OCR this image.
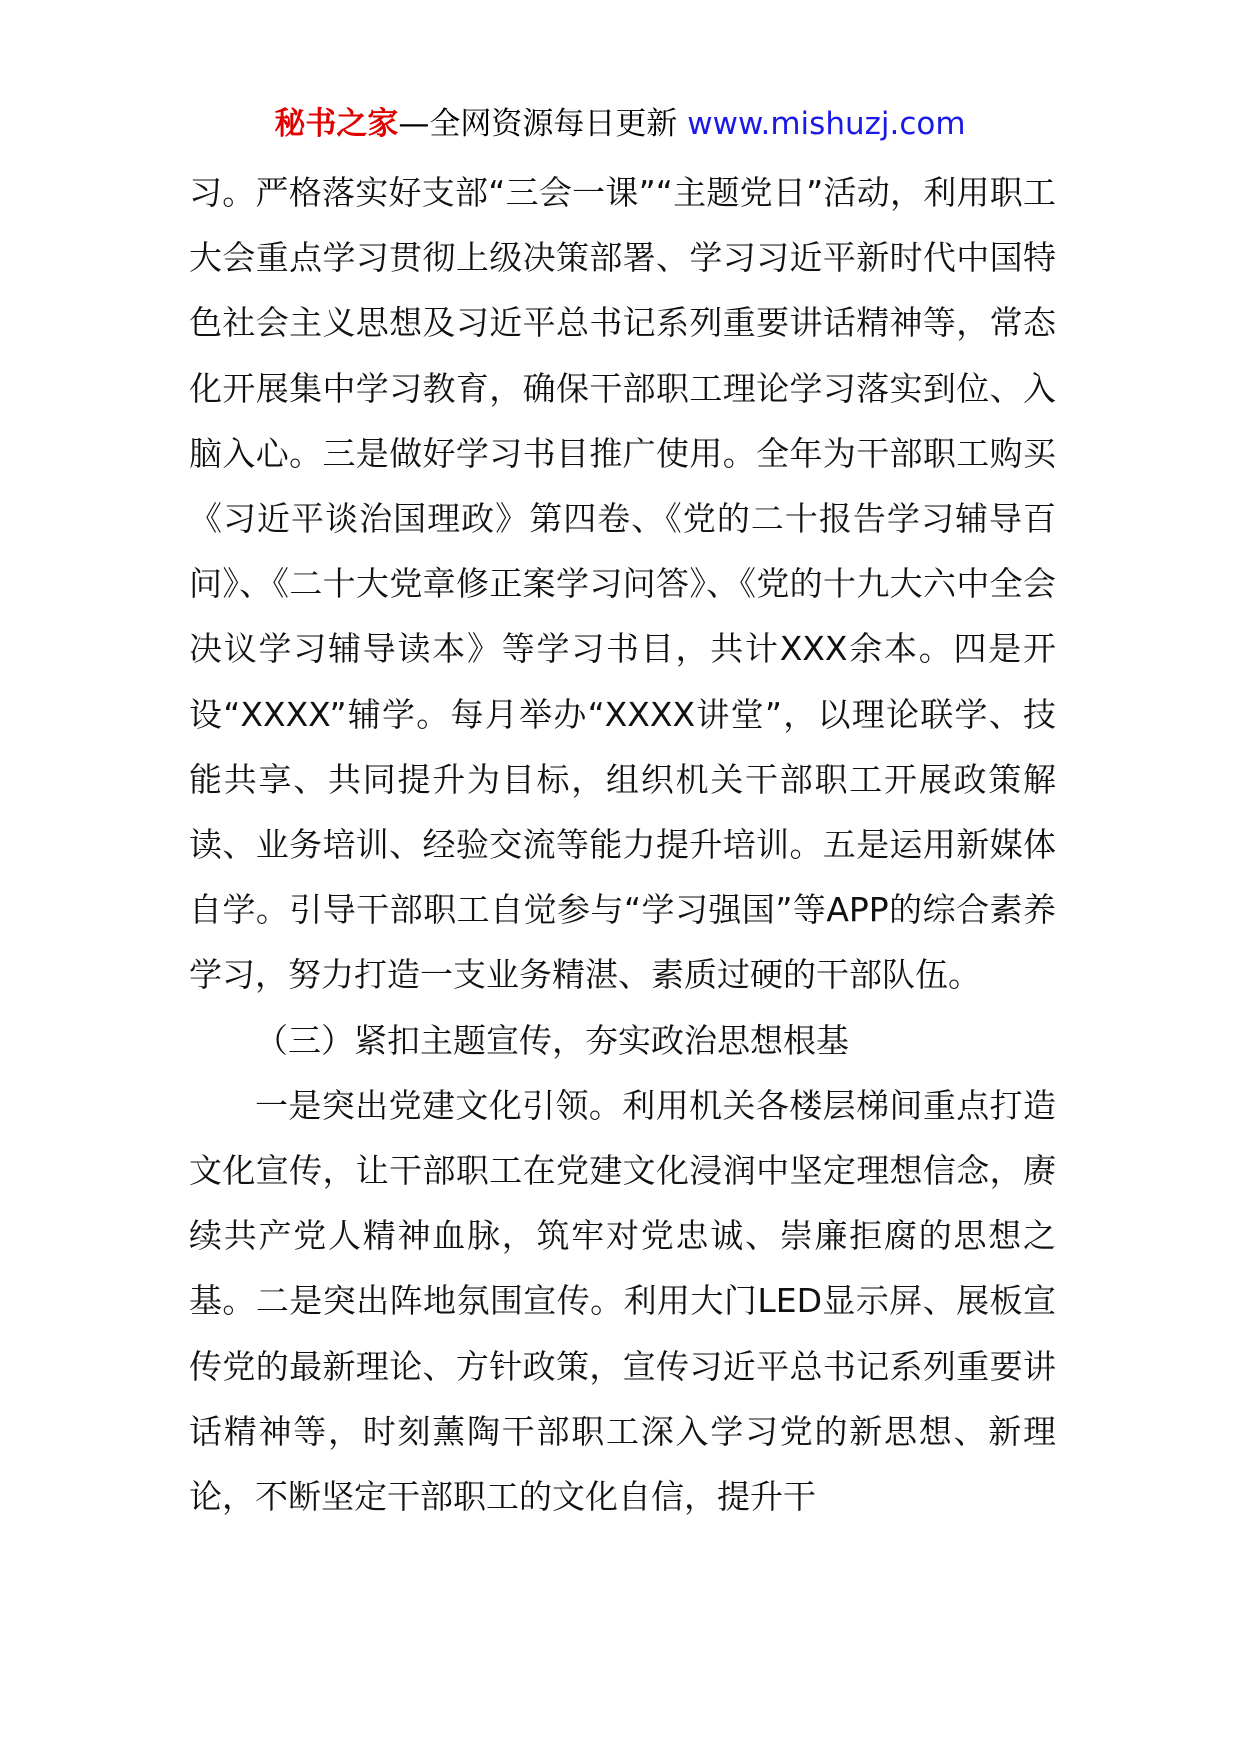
秘书之家—全网资源每日更新 www.mishuzj.com

习。严格落实好支部“三会一课”“主题党日”活动，利用职工大会重点学习贯彻上级决策部署、学习习近平新时代中国特色社会主义思想及习近平总书记系列重要讲话精神等，常态化开展集中学习教育，确保干部职工理论学习落实到位、入脑入心。三是做好学习书目推广使用。全年为干部职工购买《习近平谈治国理政》第四卷、《党的二十报告学习辅导百问》、《二十大党章修正案学习问答》、《党的十九大六中全会决议学习辅导读本》等学习书目，共计XXX余本。四是开设“XXXX”辅学。每月举办“XXXX讲堂”，以理论联学、技能共享、共同提升为目标，组织机关干部职工开展政策解读、业务培训、经验交流等能力提升培训。五是运用新媒体自学。引导干部职工自觉参与“学习强国”等APP的综合素养学习，努力打造一支业务精湛、素质过硬的干部队伍。

（三）紧扣主题宣传，夯实政治思想根基

一是突出党建文化引领。利用机关各楼层梯间重点打造文化宣传，让干部职工在党建文化浸润中坚定理想信念，赓续共产党人精神血脉，筑牢对党忠诚、崇廉拒腐的思想之基。二是突出阵地氛围宣传。利用大门LED显示屏、展板宣传党的最新理论、方针政策，宣传习近平总书记系列重要讲话精神等，时刻薰陶干部职工深入学习党的新思想、新理论，不断坚定干部职工的文化自信，提升干
